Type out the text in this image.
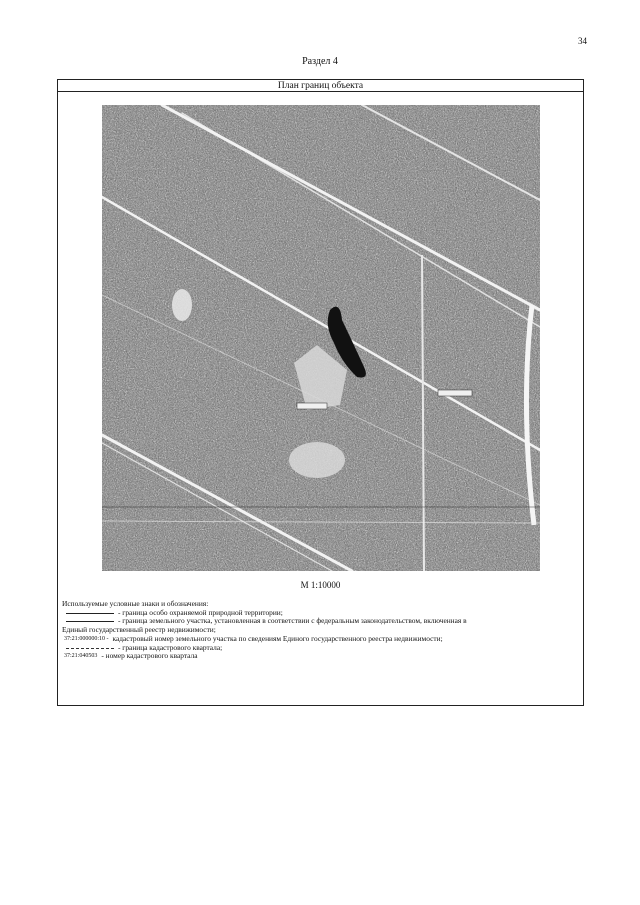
34
Раздел 4
План границ объекта
М 1:10000

Используемые условные знаки и обозначения:

- граница особо охраняемой природной территории;
- граница земельного участка, установленная в соответствии с федеральным законодательством, включенная в

Единый государственный реестр недвижимости;

37:21:000000:10 - кадастровый номер земельного участка по сведениям Единого государственного реестра недвижимости;
- граница кадастрового квартала;
37:21:040503 - номер кадастрового квартала
